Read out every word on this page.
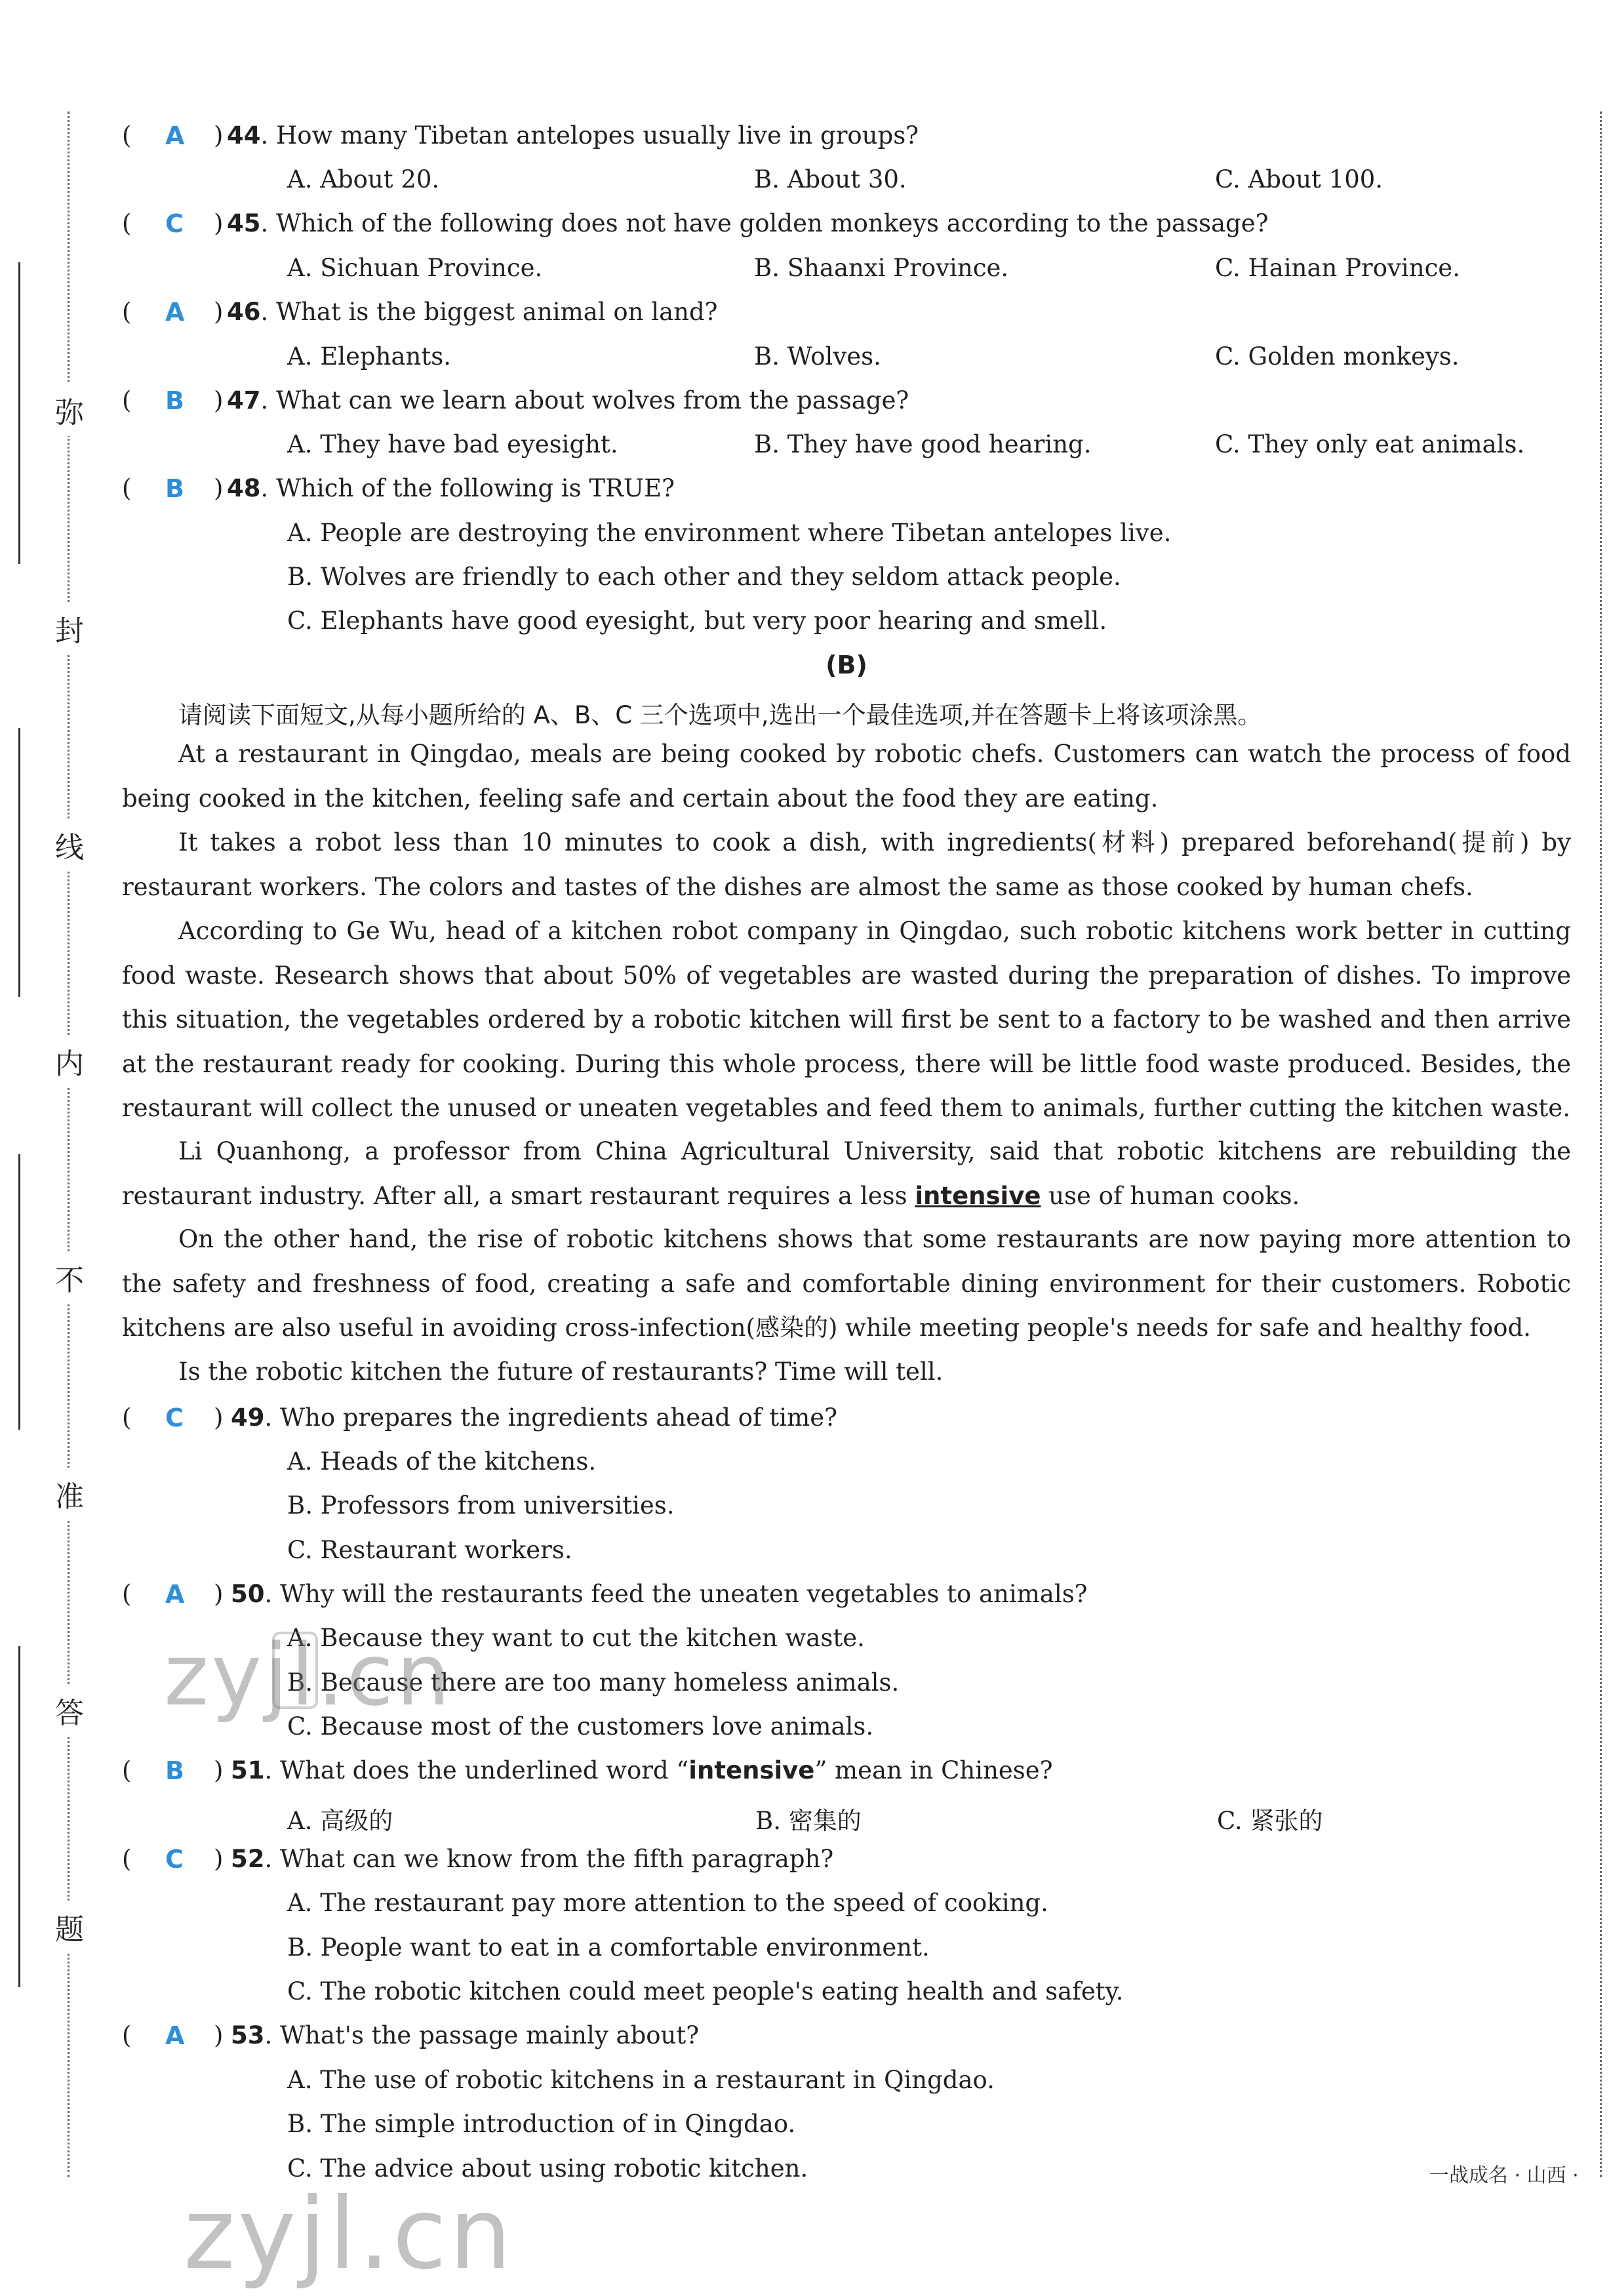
弥
封
线
内
不
准
答
题
( A ) 44. How many Tibetan antelopes usually live in groups?
A. About 20.	B. About 30.	C. About 100.
( C ) 45. Which of the following does not have golden monkeys according to the passage?
A. Sichuan Province.	B. Shaanxi Province.	C. Hainan Province.
( A ) 46. What is the biggest animal on land?
A. Elephants.	B. Wolves.	C. Golden monkeys.
( B ) 47. What can we learn about wolves from the passage?
A. They have bad eyesight.	B. They have good hearing.	C. They only eat animals.
( B ) 48. Which of the following is TRUE?
A. People are destroying the environment where Tibetan antelopes live.
B. Wolves are friendly to each other and they seldom attack people.
C. Elephants have good eyesight, but very poor hearing and smell.
(B)
请阅读下面短文,从每小题所给的 A、B、C 三个选项中,选出一个最佳选项,并在答题卡上将该项涂黑。
At a restaurant in Qingdao, meals are being cooked by robotic chefs. Customers can watch the process of food being cooked in the kitchen, feeling safe and certain about the food they are eating.
It takes a robot less than 10 minutes to cook a dish, with ingredients(材料) prepared beforehand(提前) by restaurant workers. The colors and tastes of the dishes are almost the same as those cooked by human chefs.
According to Ge Wu, head of a kitchen robot company in Qingdao, such robotic kitchens work better in cutting food waste. Research shows that about 50% of vegetables are wasted during the preparation of dishes. To improve this situation, the vegetables ordered by a robotic kitchen will first be sent to a factory to be washed and then arrive at the restaurant ready for cooking. During this whole process, there will be little food waste produced. Besides, the restaurant will collect the unused or uneaten vegetables and feed them to animals, further cutting the kitchen waste.
Li Quanhong, a professor from China Agricultural University, said that robotic kitchens are rebuilding the restaurant industry. After all, a smart restaurant requires a less intensive use of human cooks.
On the other hand, the rise of robotic kitchens shows that some restaurants are now paying more attention to the safety and freshness of food, creating a safe and comfortable dining environment for their customers. Robotic kitchens are also useful in avoiding cross-infection(感染的) while meeting people's needs for safe and healthy food.
Is the robotic kitchen the future of restaurants? Time will tell.
( C ) 49. Who prepares the ingredients ahead of time?
A. Heads of the kitchens.
B. Professors from universities.
C. Restaurant workers.
( A ) 50. Why will the restaurants feed the uneaten vegetables to animals?
A. Because they want to cut the kitchen waste.
B. Because there are too many homeless animals.
C. Because most of the customers love animals.
( B ) 51. What does the underlined word “intensive” mean in Chinese?
A. 高级的	B. 密集的	C. 紧张的
( C ) 52. What can we know from the fifth paragraph?
A. The restaurant pay more attention to the speed of cooking.
B. People want to eat in a comfortable environment.
C. The robotic kitchen could meet people's eating health and safety.
( A ) 53. What's the passage mainly about?
A. The use of robotic kitchens in a restaurant in Qingdao.
B. The simple introduction of in Qingdao.
C. The advice about using robotic kitchen.
zyjl.cn
zyjl.cn
一战成名 · 山西 ·
